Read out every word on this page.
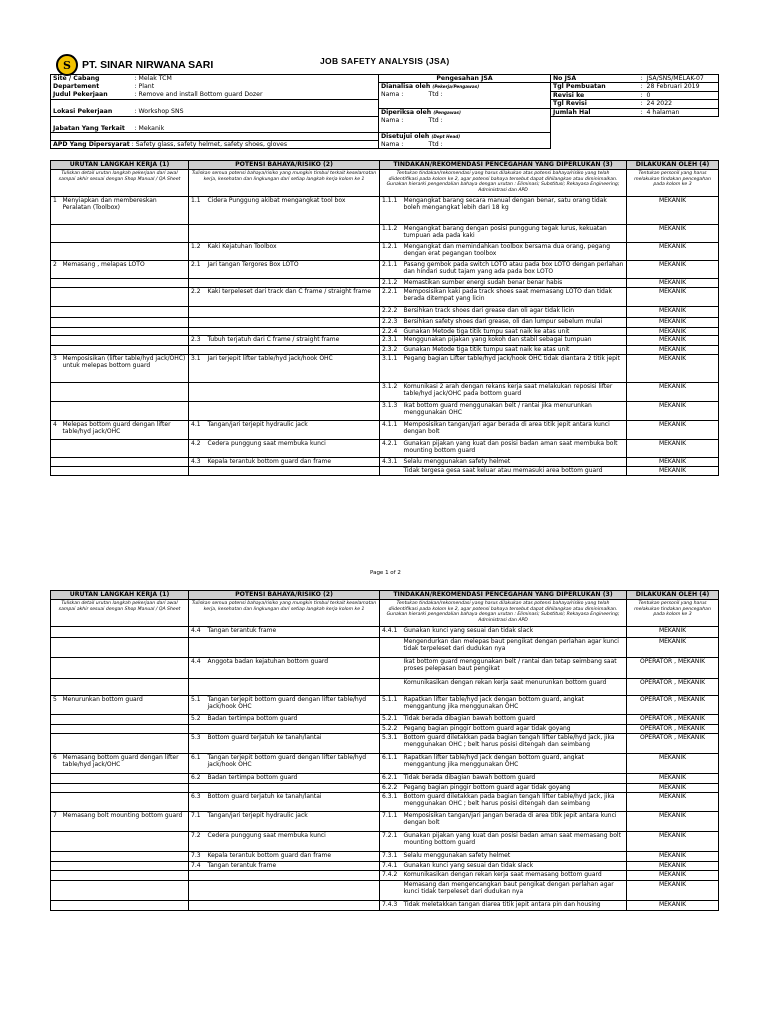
S	PT. SINAR NIRWANA SARI	JOB SAFETY ANALYSIS (JSA)
Site / Cabang	: Melak TCM	Pengesahan JSA		No JSA	: JSA/SNS/MELAK-07
Departement	: Plant	Dianalisa oleh (Pekerja/Pengawas)		Tgl Pembuatan	: 28 Februari 2019
Judul Pekerjaan	: Remove and install Bottom guard Dozer	Nama :	Ttd :	Revisi ke	: 0
				Tgl Revisi	: 24 2022
Lokasi Pekerjaan	: Workshop SNS	Diperiksa oleh (Pengawas)		Jumlah Hal	: 4 halaman
		Nama :	Ttd :		
Jabatan Yang Terkait	: Mekanik				
		Disetujui oleh (Dept Head)			
APD Yang Dipersyarat : Safety glass, safety helmet, safety shoes, gloves		Nama :	Ttd :		
URUTAN LANGKAH KERJA (1)		POTENSI BAHAYA/RISIKO (2)		TINDAKAN/REKOMENDASI PENCEGAHAN YANG DIPERLUKAN (3)		DILAKUKAN OLEH (4)
Tuliskan detail urutan langkah pekerjaan dari awal sampai akhir sesuai dengan Shop Manual / QA Sheet		Tuliskan semua potensi bahaya/risiko yang mungkin timbul terkait keselamatan kerja, kesehatan dan lingkungan dari setiap langkah kerja kolom ke 1		Tentukan tindakan/rekomendasi yang harus dilakukan atas potensi bahaya/risiko yang telah diidentifikasi pada kolom ke 2, agar potensi bahaya tersebut dapat dihilangkan atau diminimalkan. Gunakan hierarki pengendalian bahaya dengan urutan : Eliminasi; Substitusi; Rekayasa Engineering; Administrasi dan APD		Tentukan personil yang harus melakukan tindakan pencegahan pada kolom ke 3
1	Menyiapkan dan membereskan Peralatan (Toolbox)	1.1	Cidera Punggung akibat mengangkat tool box	1.1.1	Mengangkat barang secara manual dengan benar, satu orang tidak boleh mengangkat lebih dari 18 kg	MEKANIK
				1.1.2	Mengangkat barang dengan posisi punggung tegak lurus, kekuatan tumpuan ada pada kaki	MEKANIK
		1.2	Kaki Kejatuhan Toolbox	1.2.1	Mengangkat dan memindahkan toolbox bersama dua orang, pegang dengan erat pegangan toolbox	MEKANIK
2	Memasang , melapas LOTO	2.1	Jari tangan Tergores Box LOTO	2.1.1	Pasang gembok pada switch LOTO atau pada box LOTO dengan perlahan dan hindari sudut tajam yang ada pada box LOTO	MEKANIK
				2.1.2	Memastikan sumber energi sudah benar benar habis	MEKANIK
		2.2	Kaki terpeleset dari track dan C frame / straight frame	2.2.1	Memposisikan kaki pada track shoes saat memasang LOTO dan tidak berada ditempat yang licin	MEKANIK
				2.2.2	Bersihkan track shoes dari grease dan oli agar tidak licin	MEKANIK
				2.2.3	Bersihkan safety shoes dari grease, oli dan lumpur sebelum mulai	MEKANIK
				2.2.4	Gunakan Metode tiga titik tumpu saat naik ke atas unit	MEKANIK
		2.3	Tubuh terjatuh dari C frame / straight frame	2.3.1	Menggunakan pijakan yang kokoh dan stabil sebagai tumpuan	MEKANIK
				2.3.2	Gunakan Metode tiga titik tumpu saat naik ke atas unit	MEKANIK
3	Memposisikan (lifter table/hyd jack/OHC) untuk melepas bottom guard	3.1	Jari terjepit lifter table/hyd jack/hook OHC	3.1.1	Pegang bagian Lifter table/hyd jack/hook OHC tidak diantara 2 titik jepit	MEKANIK
				3.1.2	Komunikasi 2 arah dengan rekans kerja saat melakukan reposisi lifter table/hyd jack/OHC pada bottom guard	MEKANIK
				3.1.3	Ikat bottom guard menggunakan belt / rantai jika menurunkan menggunakan OHC	MEKANIK
4	Melepas bottom guard dengan lifter table/hyd jack/OHC	4.1	Tangan/jari terjepit hydraulic jack	4.1.1	Memposisikan tangan/jari agar berada di area titik jepit antara kunci dengan bolt	MEKANIK
		4.2	Cedera punggung saat membuka kunci	4.2.1	Gunakan pijakan yang kuat dan posisi badan aman saat membuka bolt mounting bottom guard	MEKANIK
		4.3	Kepala terantuk bottom guard dan frame	4.3.1	Selalu menggunakan safety helmet	MEKANIK
					Tidak tergesa gesa saat keluar atau memasuki area bottom guard	MEKANIK
Page 1 of 2
URUTAN LANGKAH KERJA (1)		POTENSI BAHAYA/RISIKO (2)		TINDAKAN/REKOMENDASI PENCEGAHAN YANG DIPERLUKAN (3)		DILAKUKAN OLEH (4)
Tuliskan detail urutan langkah pekerjaan dari awal sampai akhir sesuai dengan Shop Manual / QA Sheet		Tuliskan semua potensi bahaya/risiko yang mungkin timbul terkait keselamatan kerja, kesehatan dan lingkungan dari setiap langkah kerja kolom ke 1		Tentukan tindakan/rekomendasi yang harus dilakukan atas potensi bahaya/risiko yang telah diidentifikasi pada kolom ke 2, agar potensi bahaya tersebut dapat dihilangkan atau diminimalkan. Gunakan hierarki pengendalian bahaya dengan urutan : Eliminasi; Substitusi; Rekayasa Engineering; Administrasi dan APD		Tentukan personil yang harus melakukan tindakan pencegahan pada kolom ke 3
		4.4	Tangan terantuk frame	4.4.1	Gunakan kunci yang sesuai dan tidak slack	MEKANIK
					Mengendurkan dan melepas baut pengikat dengan perlahan agar kunci tidak terpeleset dari dudukan nya	MEKANIK
		4.4	Anggota badan kejatuhan bottom guard		Ikat bottom guard menggunakan belt / rantai dan tetap seimbang saat proses pelepasan baut pengikat	OPERATOR , MEKANIK
					Komunikasikan dengan rekan kerja saat menurunkan bottom guard	OPERATOR , MEKANIK
5	Menurunkan bottom guard	5.1	Tangan terjepit bottom guard dengan lifter table/hyd jack/hook OHC	5.1.1	Rapatkan lifter table/hyd jack dengan bottom guard, angkat menggantung jika menggunakan OHC	OPERATOR , MEKANIK
		5.2	Badan tertimpa bottom guard	5.2.1	Tidak berada dibagian bawah bottom guard	OPERATOR , MEKANIK
				5.2.2	Pegang bagian pinggir bottom guard agar tidak goyang	OPERATOR , MEKANIK
		5.3	Bottom guard terjatuh ke tanah/lantai	5.3.1	Bottom guard diletakkan pada bagian tengah lifter table/hyd jack, jika menggunakan OHC ; belt harus posisi ditengah dan seimbang	OPERATOR , MEKANIK
6	Memasang bottom guard dengan lifter table/hyd jack/OHC	6.1	Tangan terjepit bottom guard dengan lifter table/hyd jack/hook OHC	6.1.1	Rapatkan lifter table/hyd jack dengan bottom guard, angkat menggantung jika menggunakan OHC	MEKANIK
		6.2	Badan tertimpa bottom guard	6.2.1	Tidak berada dibagian bawah bottom guard	MEKANIK
				6.2.2	Pegang bagian pinggir bottom guard agar tidak goyang	MEKANIK
		6.3	Bottom guard terjatuh ke tanah/lantai	6.3.1	Bottom guard diletakkan pada bagian tengah lifter table/hyd jack, jika menggunakan OHC ; belt harus posisi ditengah dan seimbang	MEKANIK
7	Memasang bolt mounting bottom guard	7.1	Tangan/jari terjepit hydraulic jack	7.1.1	Memposisikan tangan/jari jangan berada di area titik jepit antara kunci dengan bolt	MEKANIK
		7.2	Cedera punggung saat membuka kunci	7.2.1	Gunakan pijakan yang kuat dan posisi badan aman saat memasang bolt mounting bottom guard	MEKANIK
		7.3	Kepala terantuk bottom guard dan frame	7.3.1	Selalu menggunakan safety helmet	MEKANIK
		7.4	Tangan terantuk frame	7.4.1	Gunakan kunci yang sesuai dan tidak slack	MEKANIK
				7.4.2	Komunikasikan dengan rekan kerja saat memasang bottom guard	MEKANIK
					Memasang dan mengencangkan baut pengikat dengan perlahan agar kunci tidak terpeleset dari dudukan nya	MEKANIK
				7.4.3	Tidak meletakkan tangan diarea titik jepit antara pin dan housing	MEKANIK
